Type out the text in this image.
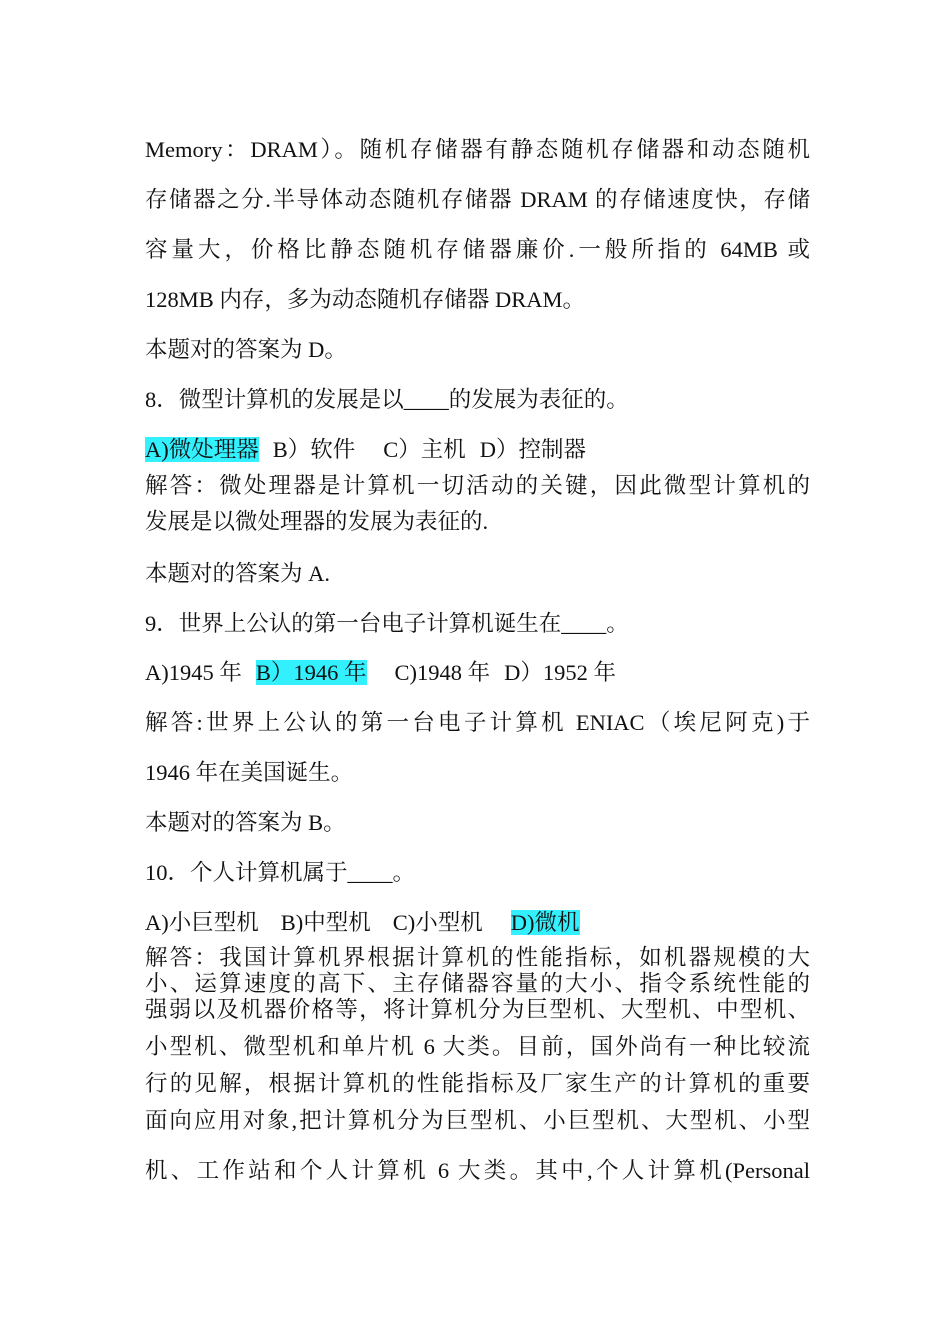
Memory：DRAM）。随机存储器有静态随机存储器和动态随机
存储器之分.半导体动态随机存储器 DRAM 的存储速度快，存储
容量大，价格比静态随机存储器廉价.一般所指的 64MB 或
128MB 内存，多为动态随机存储器 DRAM。
本题对的答案为 D。
8．微型计算机的发展是以____的发展为表征的。
A)微处理器 B）软件 C）主机 D）控制器
解答：微处理器是计算机一切活动的关键，因此微型计算机的
发展是以微处理器的发展为表征的.
本题对的答案为 A.
9．世界上公认的第一台电子计算机诞生在____。
A)1945 年 B）1946 年 C)1948 年 D）1952 年
解答:世界上公认的第一台电子计算机 ENIAC（埃尼阿克)于
1946 年在美国诞生。
本题对的答案为 B。
10．个人计算机属于____。
A)小巨型机 B)中型机 C)小型机 D)微机
解答：我国计算机界根据计算机的性能指标，如机器规模的大
小、运算速度的高下、主存储器容量的大小、指令系统性能的
强弱以及机器价格等，将计算机分为巨型机、大型机、中型机、
小型机、微型机和单片机 6 大类。目前，国外尚有一种比较流
行的见解，根据计算机的性能指标及厂家生产的计算机的重要
面向应用对象,把计算机分为巨型机、小巨型机、大型机、小型
机、工作站和个人计算机 6 大类。其中,个人计算机(Personal
